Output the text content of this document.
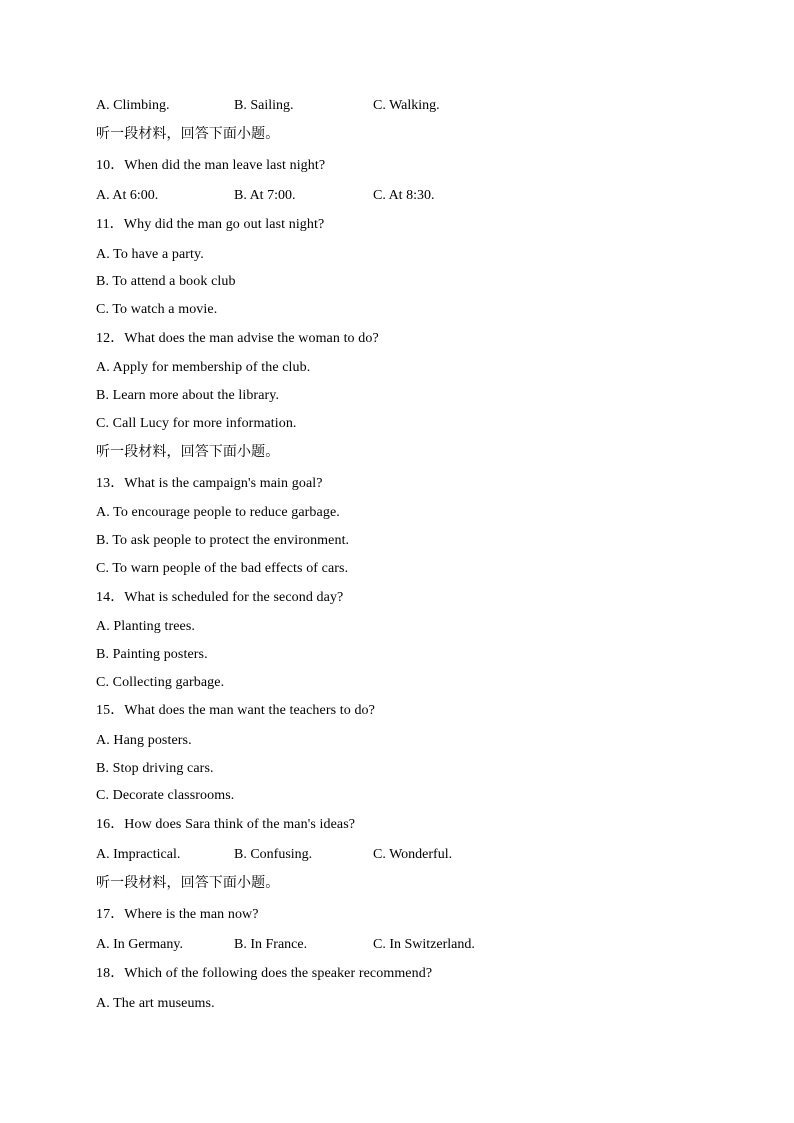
A. Climbing.	B. Sailing.	C. Walking.
听一段材料，回答下面小题。
10．When did the man leave last night?
A. At 6:00.	B. At 7:00.	C. At 8:30.
11．Why did the man go out last night?
A. To have a party.
B. To attend a book club
C. To watch a movie.
12．What does the man advise the woman to do?
A. Apply for membership of the club.
B. Learn more about the library.
C. Call Lucy for more information.
听一段材料，回答下面小题。
13．What is the campaign's main goal?
A. To encourage people to reduce garbage.
B. To ask people to protect the environment.
C. To warn people of the bad effects of cars.
14．What is scheduled for the second day?
A. Planting trees.
B. Painting posters.
C. Collecting garbage.
15．What does the man want the teachers to do?
A. Hang posters.
B. Stop driving cars.
C. Decorate classrooms.
16．How does Sara think of the man's ideas?
A. Impractical.	B. Confusing.	C. Wonderful.
听一段材料，回答下面小题。
17．Where is the man now?
A. In Germany.	B. In France.	C. In Switzerland.
18．Which of the following does the speaker recommend?
A. The art museums.
